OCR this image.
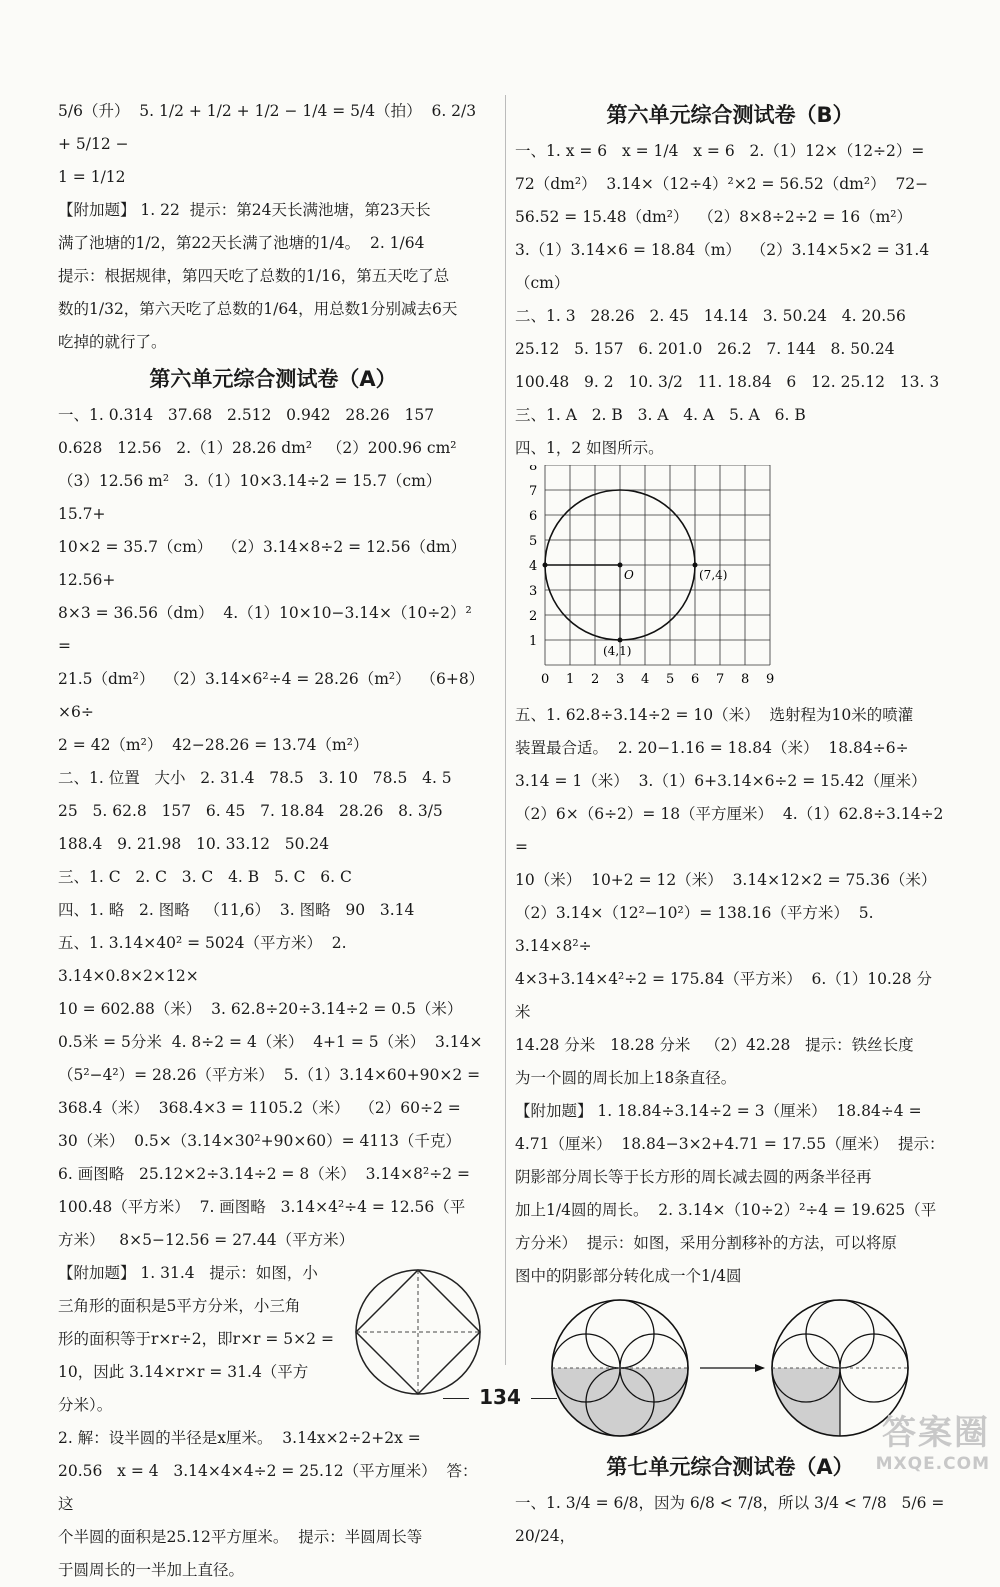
5/6（升）  5. 1/2 + 1/2 + 1/2 − 1/4 = 5/4（拍）  6. 2/3 + 5/12 −

1 = 1/12

【附加题】 1. 22  提示：第24天长满池塘，第23天长

满了池塘的1/2，第22天长满了池塘的1/4。  2. 1/64

提示：根据规律，第四天吃了总数的1/16，第五天吃了总

数的1/32，第六天吃了总数的1/64，用总数1分别减去6天

吃掉的就行了。

第六单元综合测试卷（A）

一、1. 0.314   37.68   2.512   0.942   28.26   157

0.628   12.56   2.（1）28.26 dm²   （2）200.96 cm²

（3）12.56 m²   3.（1）10×3.14÷2 = 15.7（cm）  15.7+

10×2 = 35.7（cm）  （2）3.14×8÷2 = 12.56（dm）  12.56+

8×3 = 36.56（dm）  4.（1）10×10−3.14×（10÷2）² =

21.5（dm²）  （2）3.14×6²÷4 = 28.26（m²）  （6+8）×6÷

2 = 42（m²）  42−28.26 = 13.74（m²）

二、1. 位置   大小   2. 31.4   78.5   3. 10   78.5   4. 5

25   5. 62.8   157   6. 45   7. 18.84   28.26   8. 3/5

188.4   9. 21.98   10. 33.12   50.24

三、1. C   2. C   3. C   4. B   5. C   6. C

四、1. 略   2. 图略   （11,6）  3. 图略   90   3.14

五、1. 3.14×40² = 5024（平方米）  2. 3.14×0.8×2×12×

10 = 602.88（米）  3. 62.8÷20÷3.14÷2 = 0.5（米）

0.5米 = 5分米  4. 8÷2 = 4（米）  4+1 = 5（米）  3.14×

（5²−4²）= 28.26（平方米）  5.（1）3.14×60+90×2 =

368.4（米）  368.4×3 = 1105.2（米）  （2）60÷2 =

30（米）  0.5×（3.14×30²+90×60）= 4113（千克）

6. 画图略   25.12×2÷3.14÷2 = 8（米）  3.14×8²÷2 =

100.48（平方米）  7. 画图略   3.14×4²÷4 = 12.56（平

方米）   8×5−12.56 = 27.44（平方米）

【附加题】 1. 31.4   提示：如图，小

三角形的面积是5平方分米，小三角

形的面积等于r×r÷2，即r×r = 5×2 =

10，因此 3.14×r×r = 31.4（平方

分米）。

2. 解：设半圆的半径是x厘米。  3.14x×2÷2+2x =

20.56   x = 4   3.14×4×4÷2 = 25.12（平方厘米）  答：这

个半圆的面积是25.12平方厘米。  提示：半圆周长等

于圆周长的一半加上直径。

第六单元综合测试卷（B）

一、1. x = 6   x = 1/4   x = 6   2.（1）12×（12÷2）=

72（dm²）  3.14×（12÷4）²×2 = 56.52（dm²）  72−

56.52 = 15.48（dm²）  （2）8×8÷2÷2 = 16（m²）

3.（1）3.14×6 = 18.84（m）  （2）3.14×5×2 = 31.4（cm）

二、1. 3   28.26   2. 45   14.14   3. 50.24   4. 20.56

25.12   5. 157   6. 201.0   26.2   7. 144   8. 50.24

100.48   9. 2   10. 3/2   11. 18.84   6   12. 25.12   13. 3

三、1. A   2. B   3. A   4. A   5. A   6. B

四、1，2 如图所示。

O	(7,4)
(4,1)
0 1 2 3 4 5 6 7 8 9
1
2
3
4
5
6
7
8

五、1. 62.8÷3.14÷2 = 10（米）  选射程为10米的喷灌

装置最合适。  2. 20−1.16 = 18.84（米）  18.84÷6÷

3.14 = 1（米）  3.（1）6+3.14×6÷2 = 15.42（厘米）

（2）6×（6÷2）= 18（平方厘米）  4.（1）62.8÷3.14÷2 =

10（米）  10+2 = 12（米）  3.14×12×2 = 75.36（米）

（2）3.14×（12²−10²）= 138.16（平方米）  5. 3.14×8²÷

4×3+3.14×4²÷2 = 175.84（平方米）  6.（1）10.28 分米

14.28 分米   18.28 分米   （2）42.28   提示：铁丝长度

为一个圆的周长加上18条直径。

【附加题】 1. 18.84÷3.14÷2 = 3（厘米）  18.84÷4 =

4.71（厘米）  18.84−3×2+4.71 = 17.55（厘米）  提示：

阴影部分周长等于长方形的周长减去圆的两条半径再

加上1/4圆的周长。  2. 3.14×（10÷2）²÷4 = 19.625（平

方分米）  提示：如图，采用分割移补的方法，可以将原

图中的阴影部分转化成一个1/4圆

第七单元综合测试卷（A）

一、1. 3/4 = 6/8，因为 6/8 < 7/8，所以 3/4 < 7/8   5/6 = 20/24，

134
答案圈
MXQE.COM
